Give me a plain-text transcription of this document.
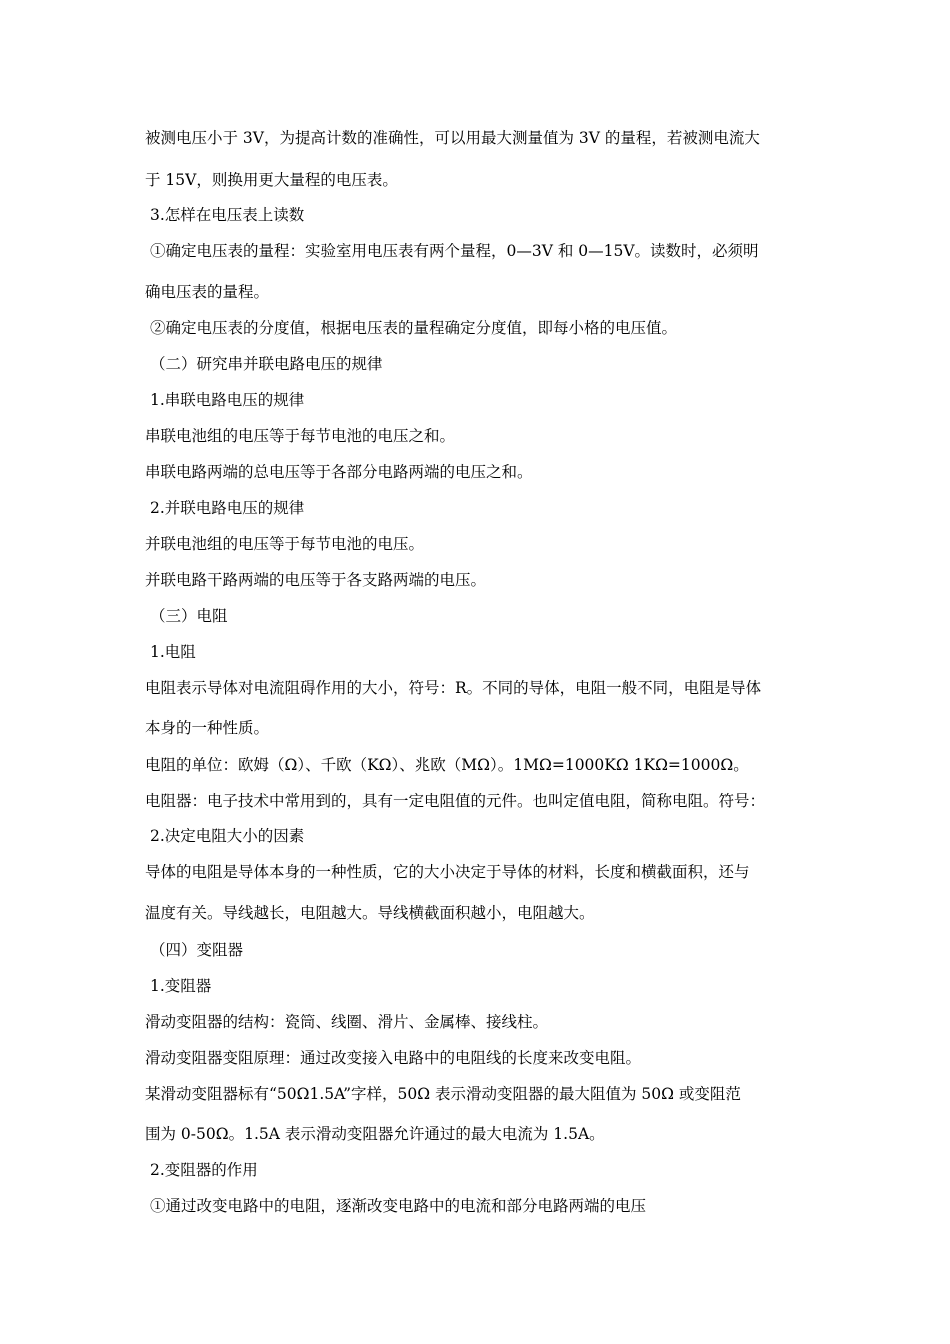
被测电压小于 3V，为提高计数的准确性，可以用最大测量值为 3V 的量程，若被测电流大

于 15V，则换用更大量程的电压表。

3.怎样在电压表上读数

①确定电压表的量程：实验室用电压表有两个量程，0—3V 和 0—15V。读数时，必须明

确电压表的量程。

②确定电压表的分度值，根据电压表的量程确定分度值，即每小格的电压值。

（二）研究串并联电路电压的规律

1.串联电路电压的规律

串联电池组的电压等于每节电池的电压之和。

串联电路两端的总电压等于各部分电路两端的电压之和。

2.并联电路电压的规律

并联电池组的电压等于每节电池的电压。

并联电路干路两端的电压等于各支路两端的电压。

（三）电阻

1.电阻

电阻表示导体对电流阻碍作用的大小，符号：R。不同的导体，电阻一般不同，电阻是导体

本身的一种性质。

电阻的单位：欧姆（Ω）、千欧（KΩ）、兆欧（MΩ）。1MΩ=1000KΩ 1KΩ=1000Ω。

电阻器：电子技术中常用到的，具有一定电阻值的元件。也叫定值电阻，简称电阻。符号：

2.决定电阻大小的因素

导体的电阻是导体本身的一种性质，它的大小决定于导体的材料，长度和横截面积，还与

温度有关。导线越长，电阻越大。导线横截面积越小，电阻越大。

（四）变阻器

1.变阻器

滑动变阻器的结构：瓷筒、线圈、滑片、金属棒、接线柱。

滑动变阻器变阻原理：通过改变接入电路中的电阻线的长度来改变电阻。

某滑动变阻器标有“50Ω1.5A”字样，50Ω 表示滑动变阻器的最大阻值为 50Ω 或变阻范

围为 0-50Ω。1.5A 表示滑动变阻器允许通过的最大电流为 1.5A。

2.变阻器的作用

①通过改变电路中的电阻，逐渐改变电路中的电流和部分电路两端的电压
